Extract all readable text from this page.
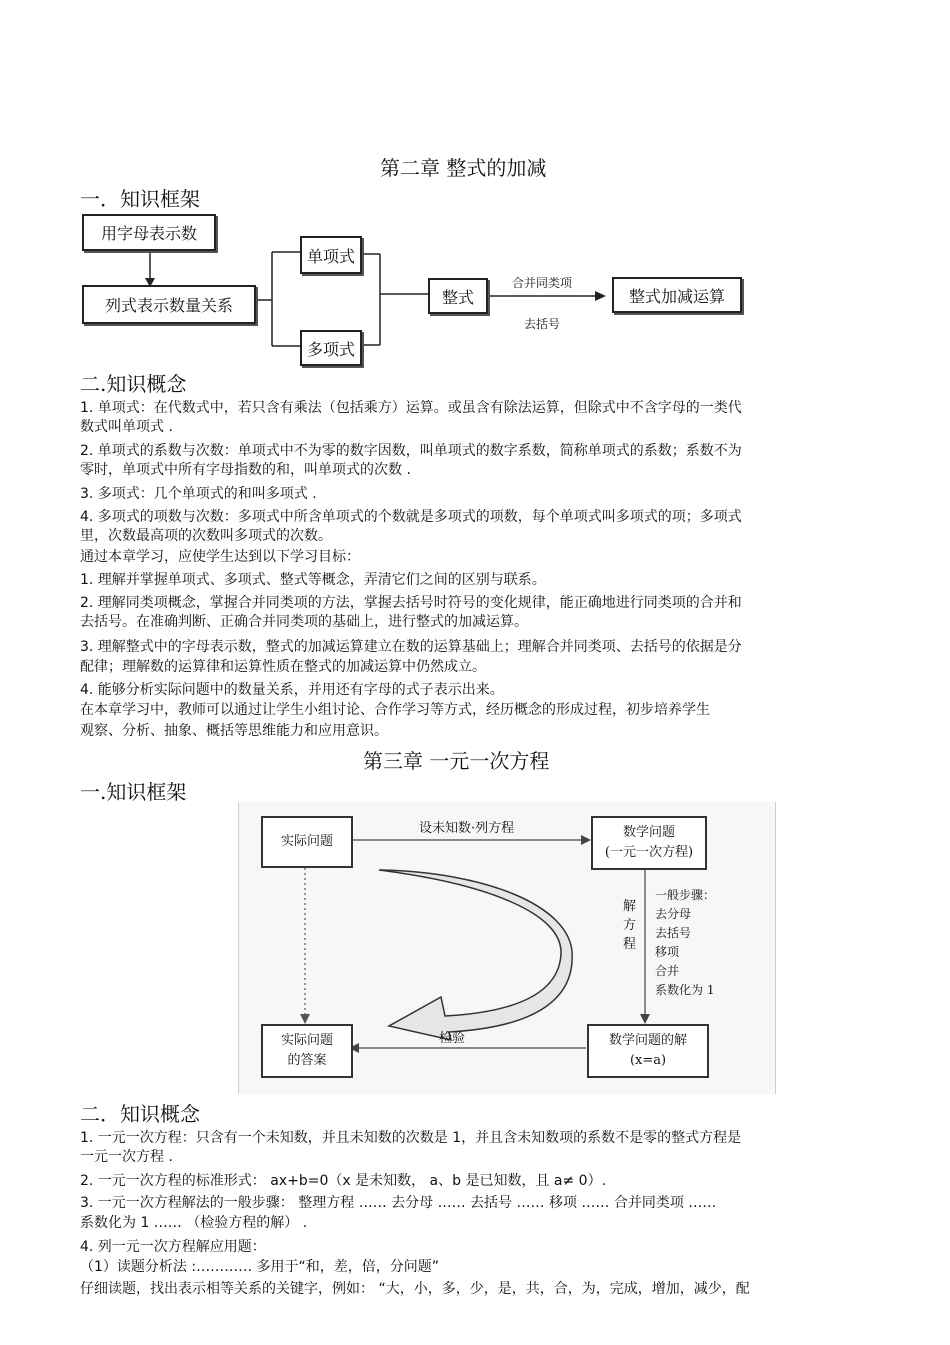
第二章 整式的加减
一．知识框架
用字母表示数
列式表示数量关系
单项式
多项式
整式	整式加减运算
合并同类项
去括号
二.知识概念
1. 单项式：在代数式中，若只含有乘法（包括乘方）运算。或虽含有除法运算，但除式中不含字母的一类代
数式叫单项式 .
2. 单项式的系数与次数：单项式中不为零的数字因数，叫单项式的数字系数，简称单项式的系数；系数不为
零时，单项式中所有字母指数的和，叫单项式的次数 .
3. 多项式：几个单项式的和叫多项式 .
4. 多项式的项数与次数：多项式中所含单项式的个数就是多项式的项数，每个单项式叫多项式的项；多项式
里，次数最高项的次数叫多项式的次数。
通过本章学习，应使学生达到以下学习目标：
1. 理解并掌握单项式、多项式、整式等概念，弄清它们之间的区别与联系。
2. 理解同类项概念，掌握合并同类项的方法，掌握去括号时符号的变化规律，能正确地进行同类项的合并和
去括号。在准确判断、正确合并同类项的基础上，进行整式的加减运算。
3. 理解整式中的字母表示数，整式的加减运算建立在数的运算基础上；理解合并同类项、去括号的依据是分
配律；理解数的运算律和运算性质在整式的加减运算中仍然成立。
4. 能够分析实际问题中的数量关系，并用还有字母的式子表示出来。
在本章学习中，教师可以通过让学生小组讨论、合作学习等方式，经历概念的形成过程，初步培养学生
观察、分析、抽象、概括等思维能力和应用意识。
第三章 一元一次方程
一.知识框架
实际问题
数学问题
(一元一次方程)
实际问题
的答案
数学问题的解
(x=a)
设未知数·列方程
检验
解
方
程
一般步骤：
去分母
去括号
移项
合并
系数化为 1
二．知识概念
1. 一元一次方程：只含有一个未知数，并且未知数的次数是 1，并且含未知数项的系数不是零的整式方程是
一元一次方程 .
2. 一元一次方程的标准形式： ax+b=0（x 是未知数， a、b 是已知数，且 a≠ 0）.
3. 一元一次方程解法的一般步骤： 整理方程 …… 去分母 …… 去括号 …… 移项 …… 合并同类项 ……
系数化为 1 …… （检验方程的解） .
4. 列一元一次方程解应用题：
（1）读题分析法 :………… 多用于“和，差，倍，分问题”
仔细读题，找出表示相等关系的关键字，例如： “大，小，多，少，是，共，合，为，完成，增加，减少，配
